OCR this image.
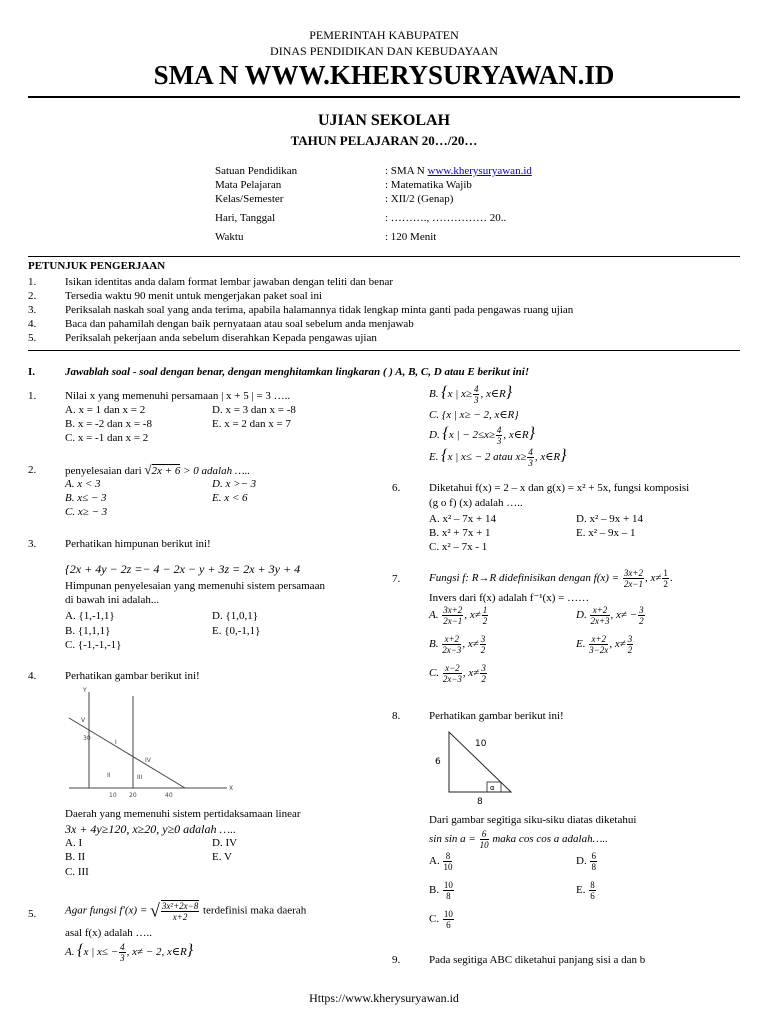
PEMERINTAH KABUPATEN
DINAS PENDIDIKAN DAN KEBUDAYAAN
SMA N WWW.KHERYSURYAWAN.ID
UJIAN SEKOLAH
TAHUN PELAJARAN 20…/20…
Satuan Pendidikan	: SMA N www.kherysuryawan.id
Mata Pelajaran	: Matematika Wajib
Kelas/Semester	: XII/2 (Genap)
Hari, Tanggal	: ………., …………… 20..
Waktu	: 120 Menit
PETUNJUK PENGERJAAN
1.	Isikan identitas anda dalam format lembar jawaban dengan teliti dan benar
2.	Tersedia waktu 90 menit untuk mengerjakan paket soal ini
3.	Periksalah naskah soal yang anda terima, apabila halamannya tidak lengkap minta ganti pada pengawas ruang ujian
4.	Baca dan pahamilah dengan baik pernyataan atau soal sebelum anda menjawab
5.	Periksalah pekerjaan anda sebelum diserahkan Kepada pengawas ujian
I.	Jawablah soal - soal dengan benar, dengan menghitamkan lingkaran ( ) A, B, C, D atau E berikut ini!
1.	Nilai x yang memenuhi persamaan | x + 5 | = 3 …..
A. x = 1 dan x = 2
B. x = -2 dan x = -8
C. x = -1 dan x = 2
D. x = 3 dan x = -8
E. x = 2 dan x = 7
2.	penyelesaian dari √2x + 6 > 0 adalah …..
A. x < 3
B. x≤ − 3
C. x≥ − 3
D. x >− 3
E. x < 6
3.	Perhatikan himpunan berikut ini!
{2x + 4y − 2z =− 4 − 2x − y + 3z = 2x + 3y + 4
Himpunan penyelesaian yang memenuhi sistem persamaan
di bawah ini adalah...
A. {1,-1,1}
B. {1,1,1}
C. {-1,-1,-1}
D. {1,0,1}
E. {0,-1,1}
4.	Perhatikan gambar berikut ini!
Y
X
30
10 20	40
V
I
IV
II	III
Daerah yang memenuhi sistem pertidaksamaan linear
3x + 4y≥120, x≥20, y≥0 adalah …..
A. I
B. II
C. III
D. IV
E. V
5.	Agar fungsi f′(x) = √ $\frac{\text{3x²+2x−8}}{x+2}$ terdefinisi maka daerah
asal f(x) adalah …..
A. {x | $x\le - \frac{4}{3}$ , x≠ − 2, x∈R}
B. {x | $x\ge \frac{4}{3}$ , x∈R}
C. {x | x≥ − 2, x∈R}
D. {x | − $2\le x\ge \frac{4}{3}$ , x∈R}
E. {x | x≤ − 2 atau $x\ge \frac{4}{3}$ , x∈R}
6.	Diketahui f(x) = 2 – x dan g(x) = x² + 5x, fungsi komposisi
(g o f) (x) adalah …..
A. x² – 7x + 14
B. x² + 7x + 1
C. x² – 7x - 1
D. x² – 9x + 14
E. x² – 9x – 1
7.	Fungsi f: R→R didefinisikan dengan $f(x) = \frac{3x+2}{2x-1}$ , $x\ne \frac{1}{2}$ .
Invers dari f(x) adalah f⁻¹(x) = ……
A. $\frac{3x+2}{2x-1}$ , $x\ne \frac{1}{2}$
B. $\frac{x+2}{2x-3}$ , $x\ne \frac{3}{2}$
C. $\frac{x-2}{2x-3}$ , $x\ne \frac{3}{2}$
D. $\frac{x+2}{2x+3}$ , $x\ne - \frac{3}{2}$
E. $\frac{x+2}{3-2x}$ , $x\ne \frac{3}{2}$
8.	Perhatikan gambar berikut ini!
10
6
8
α
Dari gambar segitiga siku-siku diatas diketahui
$\sin \sin a = \frac{6}{10}$ maka cos cos a adalah…..
A. $\frac{8}{10}$
B. $\frac{10}{8}$
C. $\frac{10}{6}$
D. $\frac{6}{8}$
E. $\frac{8}{6}$
9.	Pada segitiga ABC diketahui panjang sisi a dan b
Https://www.kherysuryawan.id
